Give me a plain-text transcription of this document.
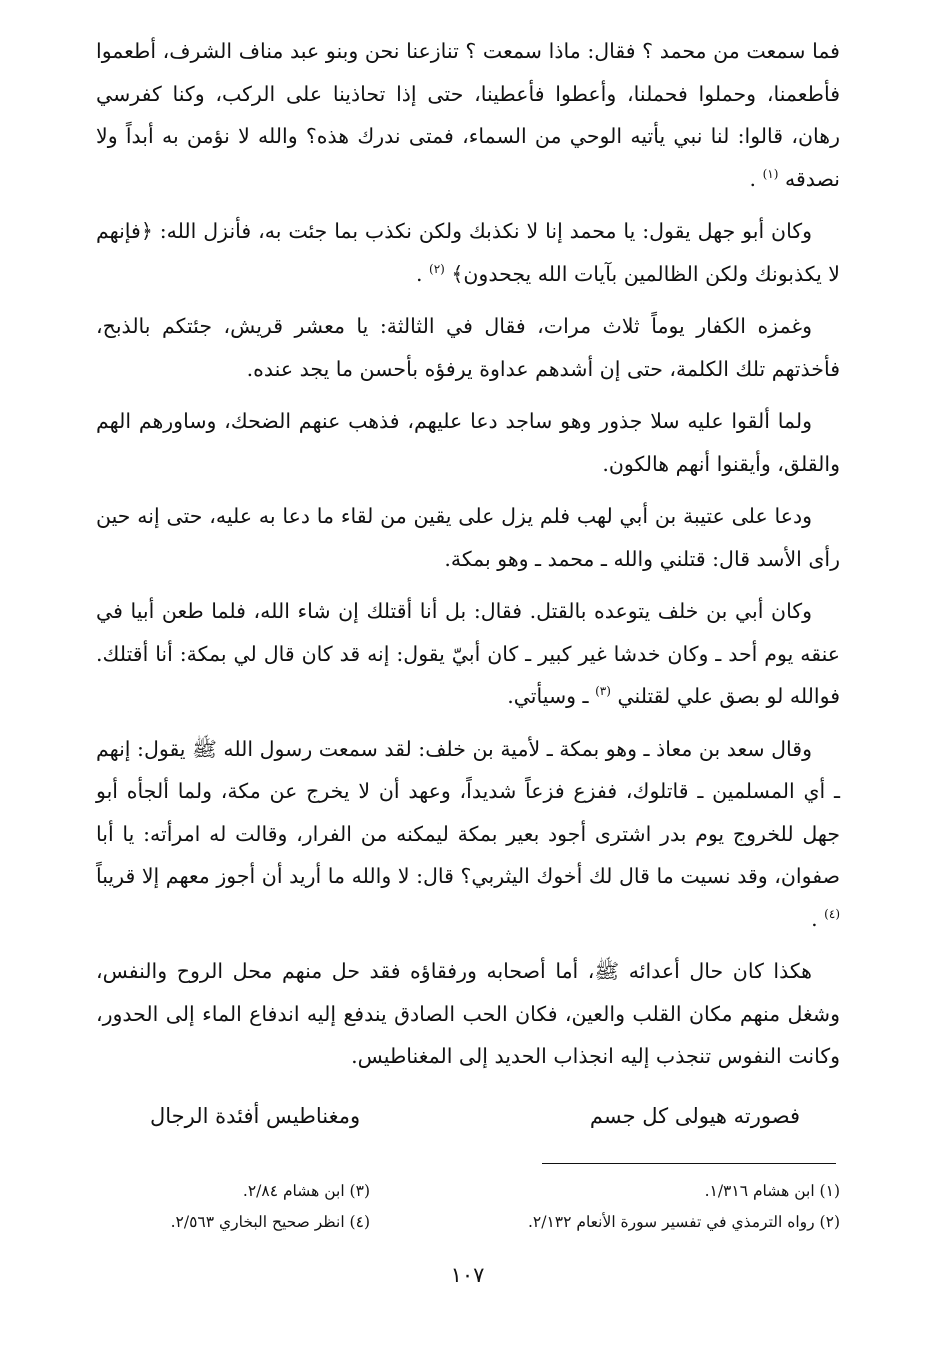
فما سمعت من محمد ؟ فقال: ماذا سمعت ؟ تنازعنا نحن وبنو عبد مناف الشرف، أطعموا فأطعمنا، وحملوا فحملنا، وأعطوا فأعطينا، حتى إذا تحاذينا على الركب، وكنا كفرسي رهان، قالوا: لنا نبي يأتيه الوحي من السماء، فمتى ندرك هذه؟ والله لا نؤمن به أبداً ولا نصدقه $^{(١)}$ .

وكان أبو جهل يقول: يا محمد إنا لا نكذبك ولكن نكذب بما جئت به، فأنزل الله: ﴿فإنهم لا يكذبونك ولكن الظالمين بآيات الله يجحدون﴾ $^{(٢)}$ .

وغمزه الكفار يوماً ثلاث مرات، فقال في الثالثة: يا معشر قريش، جئتكم بالذبح، فأخذتهم تلك الكلمة، حتى إن أشدهم عداوة يرفؤه بأحسن ما يجد عنده.

ولما ألقوا عليه سلا جذور وهو ساجد دعا عليهم، فذهب عنهم الضحك، وساورهم الهم والقلق، وأيقنوا أنهم هالكون.

ودعا على عتيبة بن أبي لهب فلم يزل على يقين من لقاء ما دعا به عليه، حتى إنه حين رأى الأسد قال: قتلني والله ـ محمد ـ وهو بمكة.

وكان أبي بن خلف يتوعده بالقتل. فقال: بل أنا أقتلك إن شاء الله، فلما طعن أبيا في عنقه يوم أحد ـ وكان خدشا غير كبير ـ كان أبيّ يقول: إنه قد كان قال لي بمكة: أنا أقتلك. فوالله لو بصق علي لقتلني $^{(٣)}$ ـ وسيأتي.

وقال سعد بن معاذ ـ وهو بمكة ـ لأمية بن خلف: لقد سمعت رسول الله ﷺ يقول: إنهم ـ أي المسلمين ـ قاتلوك، ففزع فزعاً شديداً، وعهد أن لا يخرج عن مكة، ولما ألجأه أبو جهل للخروج يوم بدر اشترى أجود بعير بمكة ليمكنه من الفرار، وقالت له امرأته: يا أبا صفوان، وقد نسيت ما قال لك أخوك اليثربي؟ قال: لا والله ما أريد أن أجوز معهم إلا قريباً $^{(٤)}$ .

هكذا كان حال أعدائه ﷺ، أما أصحابه ورفقاؤه فقد حل منهم محل الروح والنفس، وشغل منهم مكان القلب والعين، فكان الحب الصادق يندفع إليه اندفاع الماء إلى الحدور، وكانت النفوس تنجذب إليه انجذاب الحديد إلى المغناطيس.

فصورته هيولى كل جسم
ومغناطيس أفئدة الرجال
(١) ابن هشام ١/٣١٦.
(٢) رواه الترمذي في تفسير سورة الأنعام ٢/١٣٢.
(٣) ابن هشام ٢/٨٤.
(٤) انظر صحيح البخاري ٢/٥٦٣.
١٠٧
